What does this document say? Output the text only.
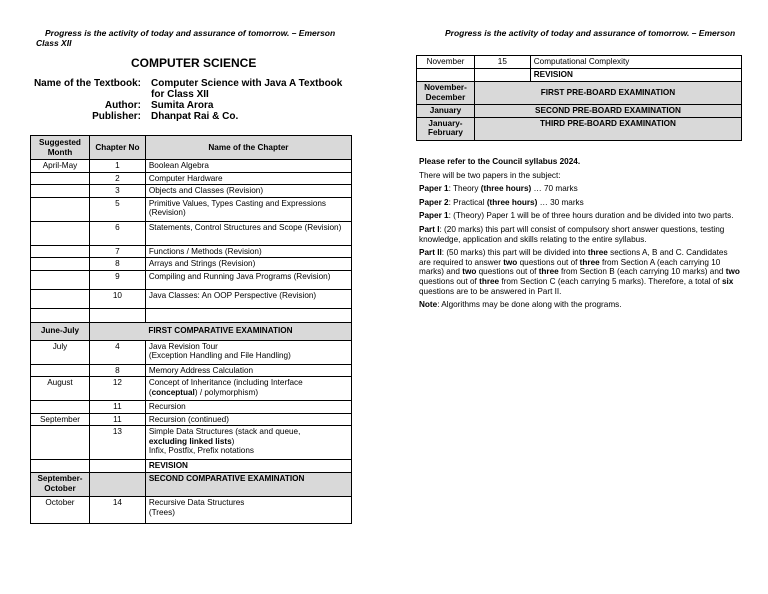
Progress is the activity of today and assurance of tomorrow. – Emerson
Class XII
COMPUTER SCIENCE
Name of the Textbook: Computer Science with Java A Textbook
for Class XII
Author: Sumita Arora
Publisher: Dhanpat Rai & Co.
Suggested Month	Chapter No	Name of the Chapter
April-May	1	Boolean Algebra
	2	Computer Hardware
	3	Objects and Classes (Revision)
	5	Primitive Values, Types Casting and Expressions (Revision)
	6	Statements, Control Structures and Scope (Revision)
	7	Functions / Methods (Revision)
	8	Arrays and Strings (Revision)
	9	Compiling and Running Java Programs (Revision)
	10	Java Classes: An OOP Perspective (Revision)

June-July	FIRST COMPARATIVE EXAMINATION	
July	4	Java Revision Tour
(Exception Handling and File Handling)
	8	Memory Address Calculation
August	12	Concept of Inheritance (including Interface (conceptual) / polymorphism)
	11	Recursion
September	11	Recursion (continued)
	13	Simple Data Structures (stack and queue,
excluding linked lists)
Infix, Postfix, Prefix notations
		REVISION
September-October		SECOND COMPARATIVE EXAMINATION
October	14	Recursive Data Structures
(Trees)
Progress is the activity of today and assurance of tomorrow. – Emerson
November	15	Computational Complexity
		REVISION
November-December	FIRST PRE-BOARD EXAMINATION	
January	SECOND PRE-BOARD EXAMINATION	
January-February	THIRD PRE-BOARD EXAMINATION	

Please refer to the Council syllabus 2024.

There will be two papers in the subject:

Paper 1: Theory (three hours) … 70 marks

Paper 2: Practical (three hours) … 30 marks

Paper 1: (Theory) Paper 1 will be of three hours duration and be divided into two parts.

Part I: (20 marks) this part will consist of compulsory short answer questions, testing knowledge, application and skills relating to the entire syllabus.

Part II: (50 marks) this part will be divided into three sections A, B and C. Candidates are required to answer two questions out of three from Section A (each carrying 10 marks) and two questions out of three from Section B (each carrying 10 marks) and two questions out of three from Section C (each carrying 5 marks). Therefore, a total of six questions are to be answered in Part II.

Note: Algorithms may be done along with the programs.
